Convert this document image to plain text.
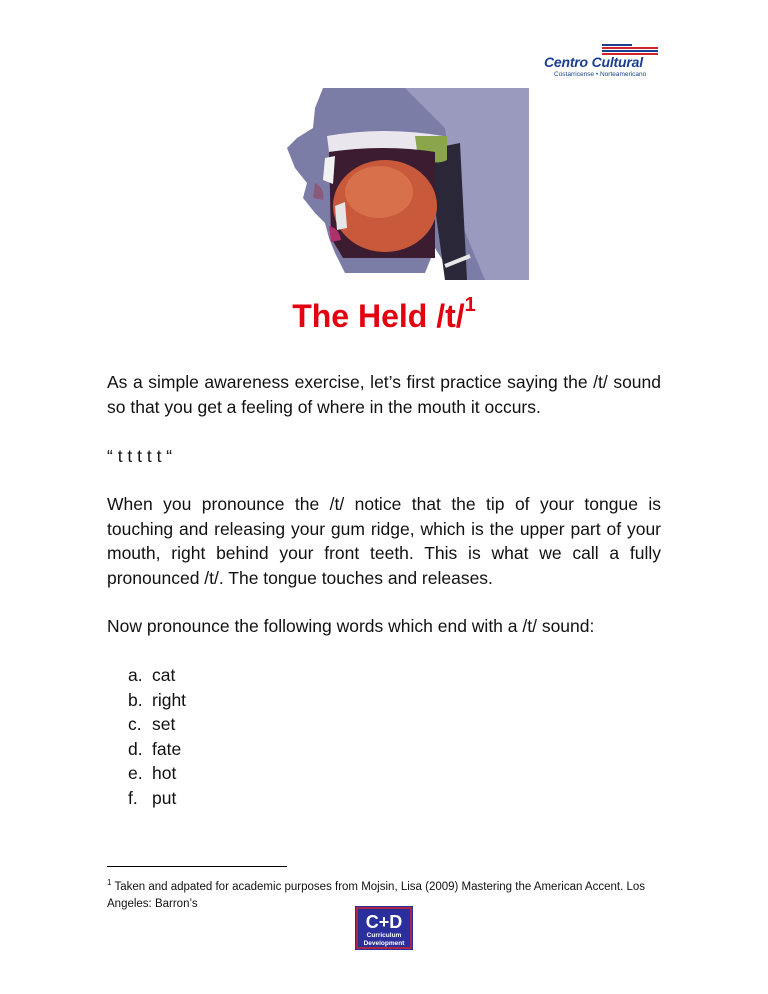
Centro Cultural
Costarricense • Norteamericano
The Held /t/$^1$

As a simple awareness exercise, let’s first practice saying the /t/ sound so that you get a feeling of where in the mouth it occurs.

“ t t t t t “

When you pronounce the /t/ notice that the tip of your tongue is touching and releasing your gum ridge, which is the upper part of your mouth, right behind your front teeth. This is what we call a fully pronounced /t/. The tongue touches and releases.

Now pronounce the following words which end with a /t/ sound:

a. cat
b. right
c. set
d. fate
e. hot
f. put
$^1$ Taken and adpated for academic purposes from Mojsin, Lisa (2009) Mastering the American Accent. Los Angeles: Barron’s
C+D
Curriculum
Development
